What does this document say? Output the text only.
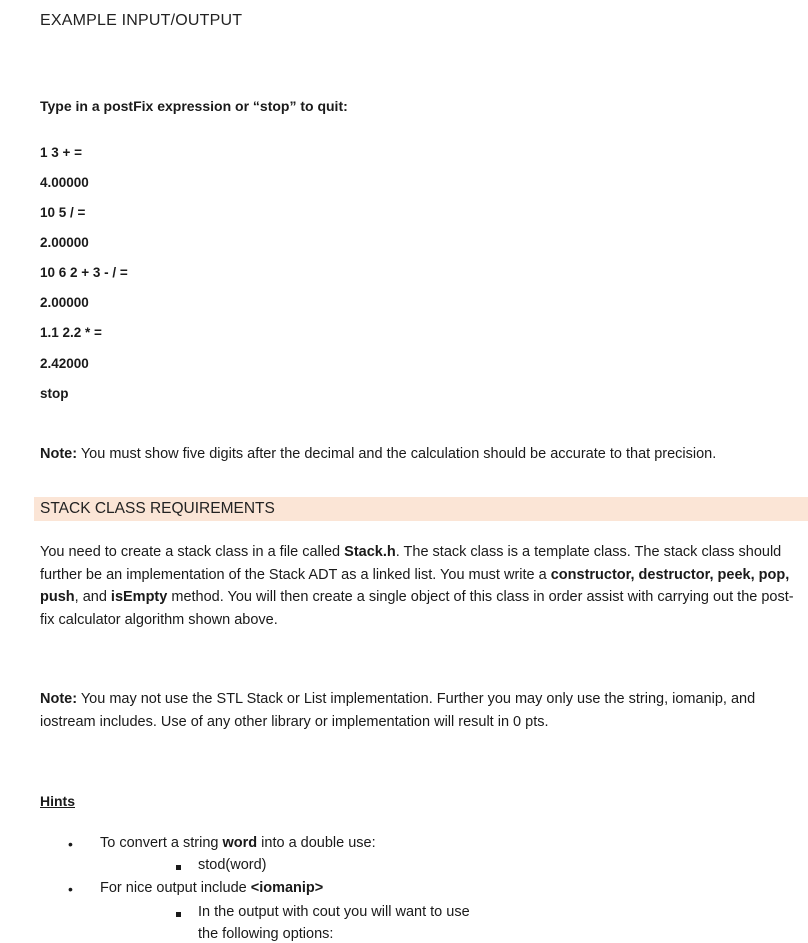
EXAMPLE INPUT/OUTPUT
Type in a postFix expression or “stop” to quit:
1 3 + =
4.00000
10 5 / =
2.00000
10 6 2 + 3 - / =
2.00000
1.1 2.2 * =
2.42000
stop
Note: You must show five digits after the decimal and the calculation should be accurate to that precision.
STACK CLASS REQUIREMENTS
You need to create a stack class in a file called Stack.h. The stack class is a template class. The stack class should further be an implementation of the Stack ADT as a linked list. You must write a constructor, destructor, peek, pop, push, and isEmpty method. You will then create a single object of this class in order assist with carrying out the post-fix calculator algorithm shown above.
Note: You may not use the STL Stack or List implementation. Further you may only use the string, iomanip, and iostream includes. Use of any other library or implementation will result in 0 pts.
Hints
• To convert a string word into a double use:
stod(word)
• For nice output include <iomanip>
In the output with cout you will want to use
the following options:
